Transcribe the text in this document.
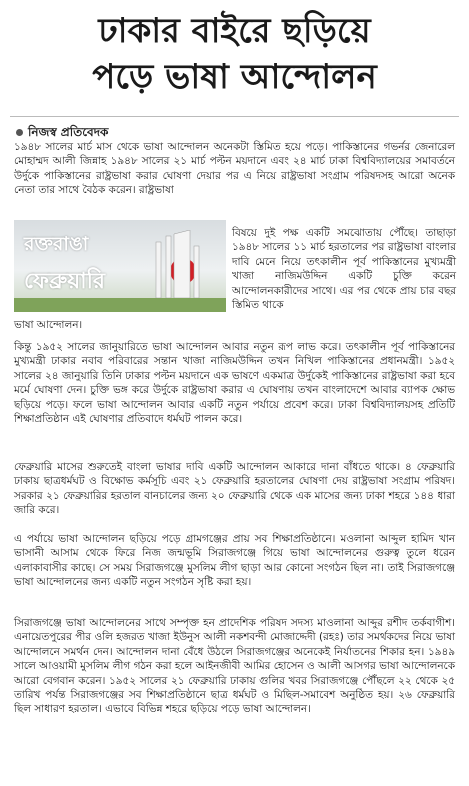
ঢাকার বাইরে ছড়িয়ে
পড়ে ভাষা আন্দোলন
নিজস্ব প্রতিবেদক
১৯৪৮ সালের মার্চ মাস থেকে ভাষা আন্দোলন অনেকটা স্তিমিত হয়ে পড়ে। পাকিস্তানের গভর্নর জেনারেল মোহাম্মদ আলী জিন্নাহ ১৯৪৮ সালের ২১ মার্চ পল্টন ময়দানে এবং ২৪ মার্চ ঢাকা বিশ্ববিদ্যালয়ের সমাবর্তনে উর্দুকে পাকিস্তানের রাষ্ট্রভাষা করার ঘোষণা দেয়ার পর এ নিয়ে রাষ্ট্রভাষা সংগ্রাম পরিষদসহ আরো অনেক নেতা তার সাথে বৈঠক করেন। রাষ্ট্রভাষা
রক্তরাঙা
ফেব্রুয়ারি
বিষয়ে দুই পক্ষ একটি সমঝোতায় পৌঁছে। তাছাড়া ১৯৪৮ সালের ১১ মার্চ হরতালের পর রাষ্ট্রভাষা বাংলার দাবি মেনে নিয়ে তৎকালীন পূর্ব পাকিস্তানের মুখ্যমন্ত্রী খাজা নাজিমউদ্দিন একটি চুক্তি করেন আন্দোলনকারীদের সাথে। এর পর থেকে প্রায় চার বছর স্তিমিত থাকে
ভাষা আন্দোলন।
কিন্তু ১৯৫২ সালের জানুয়ারিতে ভাষা আন্দোলন আবার নতুন রূপ লাভ করে। তৎকালীন পূর্ব পাকিস্তানের মুখ্যমন্ত্রী ঢাকার নবাব পরিবারের সন্তান খাজা নাজিমউদ্দিন তখন নিখিল পাকিস্তানের প্রধানমন্ত্রী। ১৯৫২ সালের ২৪ জানুয়ারি তিনি ঢাকার পল্টন ময়দানে এক ভাষণে একমাত্র উর্দুকেই পাকিস্তানের রাষ্ট্রভাষা করা হবে মর্মে ঘোষণা দেন। চুক্তি ভঙ্গ করে উর্দুকে রাষ্ট্রভাষা করার এ ঘোষণায় তখন বাংলাদেশে আবার ব্যাপক ক্ষোভ ছড়িয়ে পড়ে। ফলে ভাষা আন্দোলন আবার একটি নতুন পর্যায়ে প্রবেশ করে। ঢাকা বিশ্ববিদ্যালয়সহ প্রতিটি শিক্ষাপ্রতিষ্ঠান এই ঘোষণার প্রতিবাদে ধর্মঘট পালন করে।
ফেব্রুয়ারি মাসের শুরুতেই বাংলা ভাষার দাবি একটি আন্দোলন আকারে দানা বাঁধতে থাকে। ৪ ফেব্রুয়ারি ঢাকায় ছাত্রধর্মঘট ও বিক্ষোভ কর্মসূচি এবং ২১ ফেব্রুয়ারি হরতালের ঘোষণা দেয় রাষ্ট্রভাষা সংগ্রাম পরিষদ। সরকার ২১ ফেব্রুয়ারির হরতাল বানচালের জন্য ২০ ফেব্রুয়ারি থেকে এক মাসের জন্য ঢাকা শহরে ১৪৪ ধারা জারি করে।
এ পর্যায়ে ভাষা আন্দোলন ছড়িয়ে পড়ে গ্রামগঞ্জের প্রায় সব শিক্ষাপ্রতিষ্ঠানে। মওলানা আব্দুল হামিদ খান ভাসানী আসাম থেকে ফিরে নিজ জন্মভূমি সিরাজগঞ্জে গিয়ে ভাষা আন্দোলনের গুরুত্ব তুলে ধরেন এলাকাবাসীর কাছে। সে সময় সিরাজগঞ্জে মুসলিম লীগ ছাড়া আর কোনো সংগঠন ছিল না। তাই সিরাজগঞ্জে ভাষা আন্দোলনের জন্য একটি নতুন সংগঠন সৃষ্টি করা হয়।
সিরাজগঞ্জে ভাষা আন্দোলনের সাথে সম্পৃক্ত হন প্রাদেশিক পরিষদ সদস্য মাওলানা আব্দুর রশীদ তর্কবাগীশ। এনায়েতপুরের পীর ওলি হজরত খাজা ইউনুস আলী নকশবন্দী মোজাদ্দেদী (রহঃ) তার সমর্থকদের নিয়ে ভাষা আন্দোলনে সমর্থন দেন। আন্দোলন দানা বেঁধে উঠলে সিরাজগঞ্জের অনেকেই নির্যাতনের শিকার হন। ১৯৪৯ সালে আওয়ামী মুসলিম লীগ গঠন করা হলে আইনজীবী আমির হোসেন ও আলী আসগর ভাষা আন্দোলনকে আরো বেগবান করেন। ১৯৫২ সালের ২১ ফেব্রুয়ারি ঢাকায় গুলির খবর সিরাজগঞ্জে পৌঁছলে ২২ থেকে ২৫ তারিখ পর্যন্ত সিরাজগঞ্জের সব শিক্ষাপ্রতিষ্ঠানে ছাত্র ধর্মঘট ও মিছিল-সমাবেশ অনুষ্ঠিত হয়। ২৬ ফেব্রুয়ারি ছিল সাধারণ হরতাল। এভাবে বিভিন্ন শহরে ছড়িয়ে পড়ে ভাষা আন্দোলন।
